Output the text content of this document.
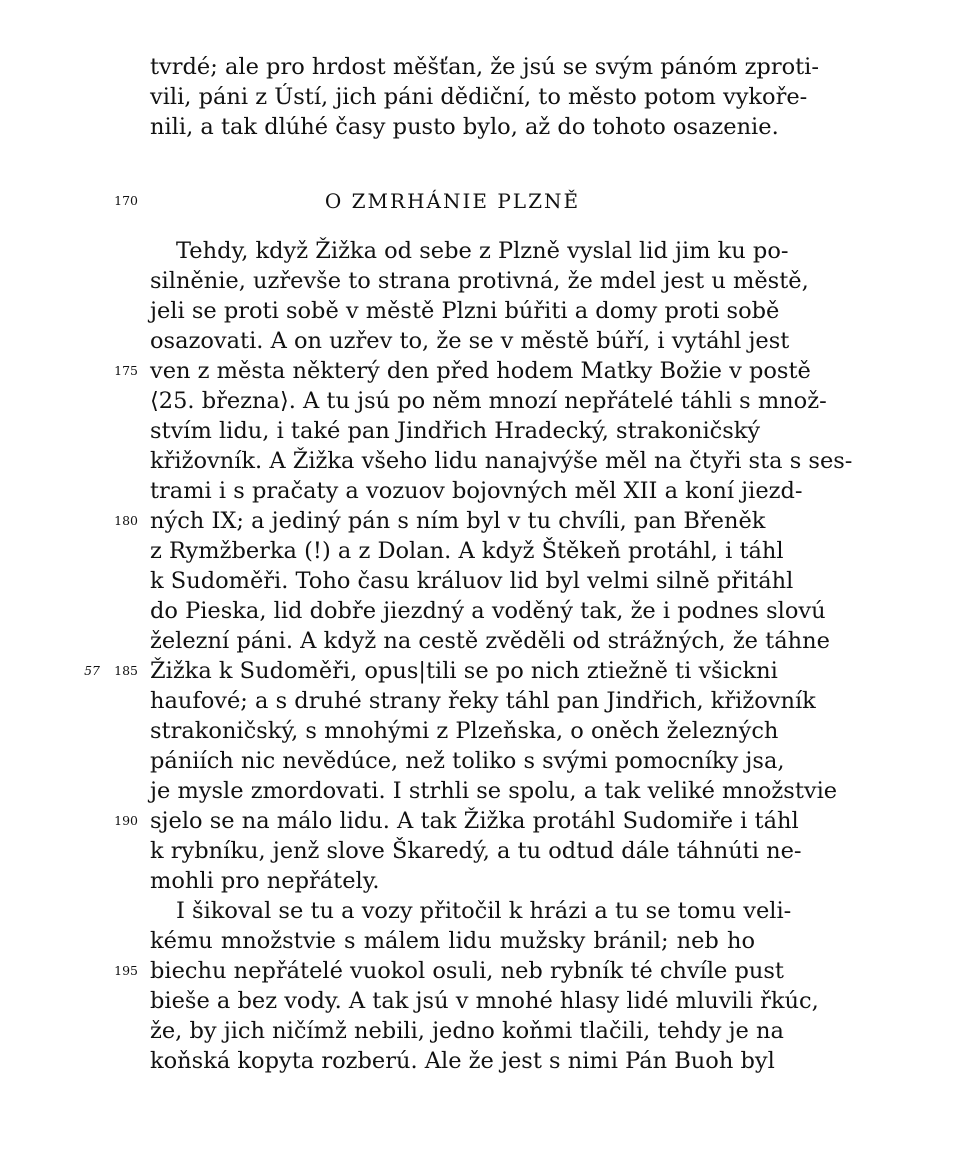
tvrdé; ale pro hrdost měšťan, že jsú se svým pánóm zproti-
vili, páni z Ústí, jich páni dědiční, to město potom vykoře-
nili, a tak dlúhé časy pusto bylo, až do tohoto osazenie.
170	O ZMRHÁNIE PLZNĚ
Tehdy, když Žižka od sebe z Plzně vyslal lid jim ku po-
silněnie, uzřevše to strana protivná, že mdel jest u městě,
jeli se proti sobě v městě Plzni búřiti a domy proti sobě
osazovati. A on uzřev to, že se v městě búří, i vytáhl jest
175 ven z města některý den před hodem Matky Božie v postě
⟨25. března⟩. A tu jsú po něm mnozí nepřátelé táhli s množ-
stvím lidu, i také pan Jindřich Hradecký, strakoničský
křižovník. A Žižka všeho lidu nanajvýše měl na čtyři sta s ses-
trami i s pračaty a vozuov bojovných měl XII a koní jiezd-
180 ných IX; a jediný pán s ním byl v tu chvíli, pan Břeněk
z Rymžberka (!) a z Dolan. A když Štěkeň protáhl, i táhl
k Sudoměři. Toho času králuov lid byl velmi silně přitáhl
do Pieska, lid dobře jiezdný a voděný tak, že i podnes slovú
železní páni. A když na cestě zvěděli od strážných, že táhne
57	185 Žižka k Sudoměři, opus|tili se po nich ztiežně ti všickni
haufové; a s druhé strany řeky táhl pan Jindřich, křižovník
strakoničský, s mnohými z Plzeňska, o oněch železných
pániích nic nevědúce, než toliko s svými pomocníky jsa,
je mysle zmordovati. I strhli se spolu, a tak veliké množstvie
190 sjelo se na málo lidu. A tak Žižka protáhl Sudomiře i táhl
k rybníku, jenž slove Škaredý, a tu odtud dále táhnúti ne-
mohli pro nepřátely.
I šikoval se tu a vozy přitočil k hrázi a tu se tomu veli-
kému množstvie s málem lidu mužsky bránil; neb ho
195 biechu nepřátelé vuokol osuli, neb rybník té chvíle pust
bieše a bez vody. A tak jsú v mnohé hlasy lidé mluvili řkúc,
že, by jich ničímž nebili, jedno koňmi tlačili, tehdy je na
koňská kopyta rozberú. Ale že jest s nimi Pán Buoh byl
